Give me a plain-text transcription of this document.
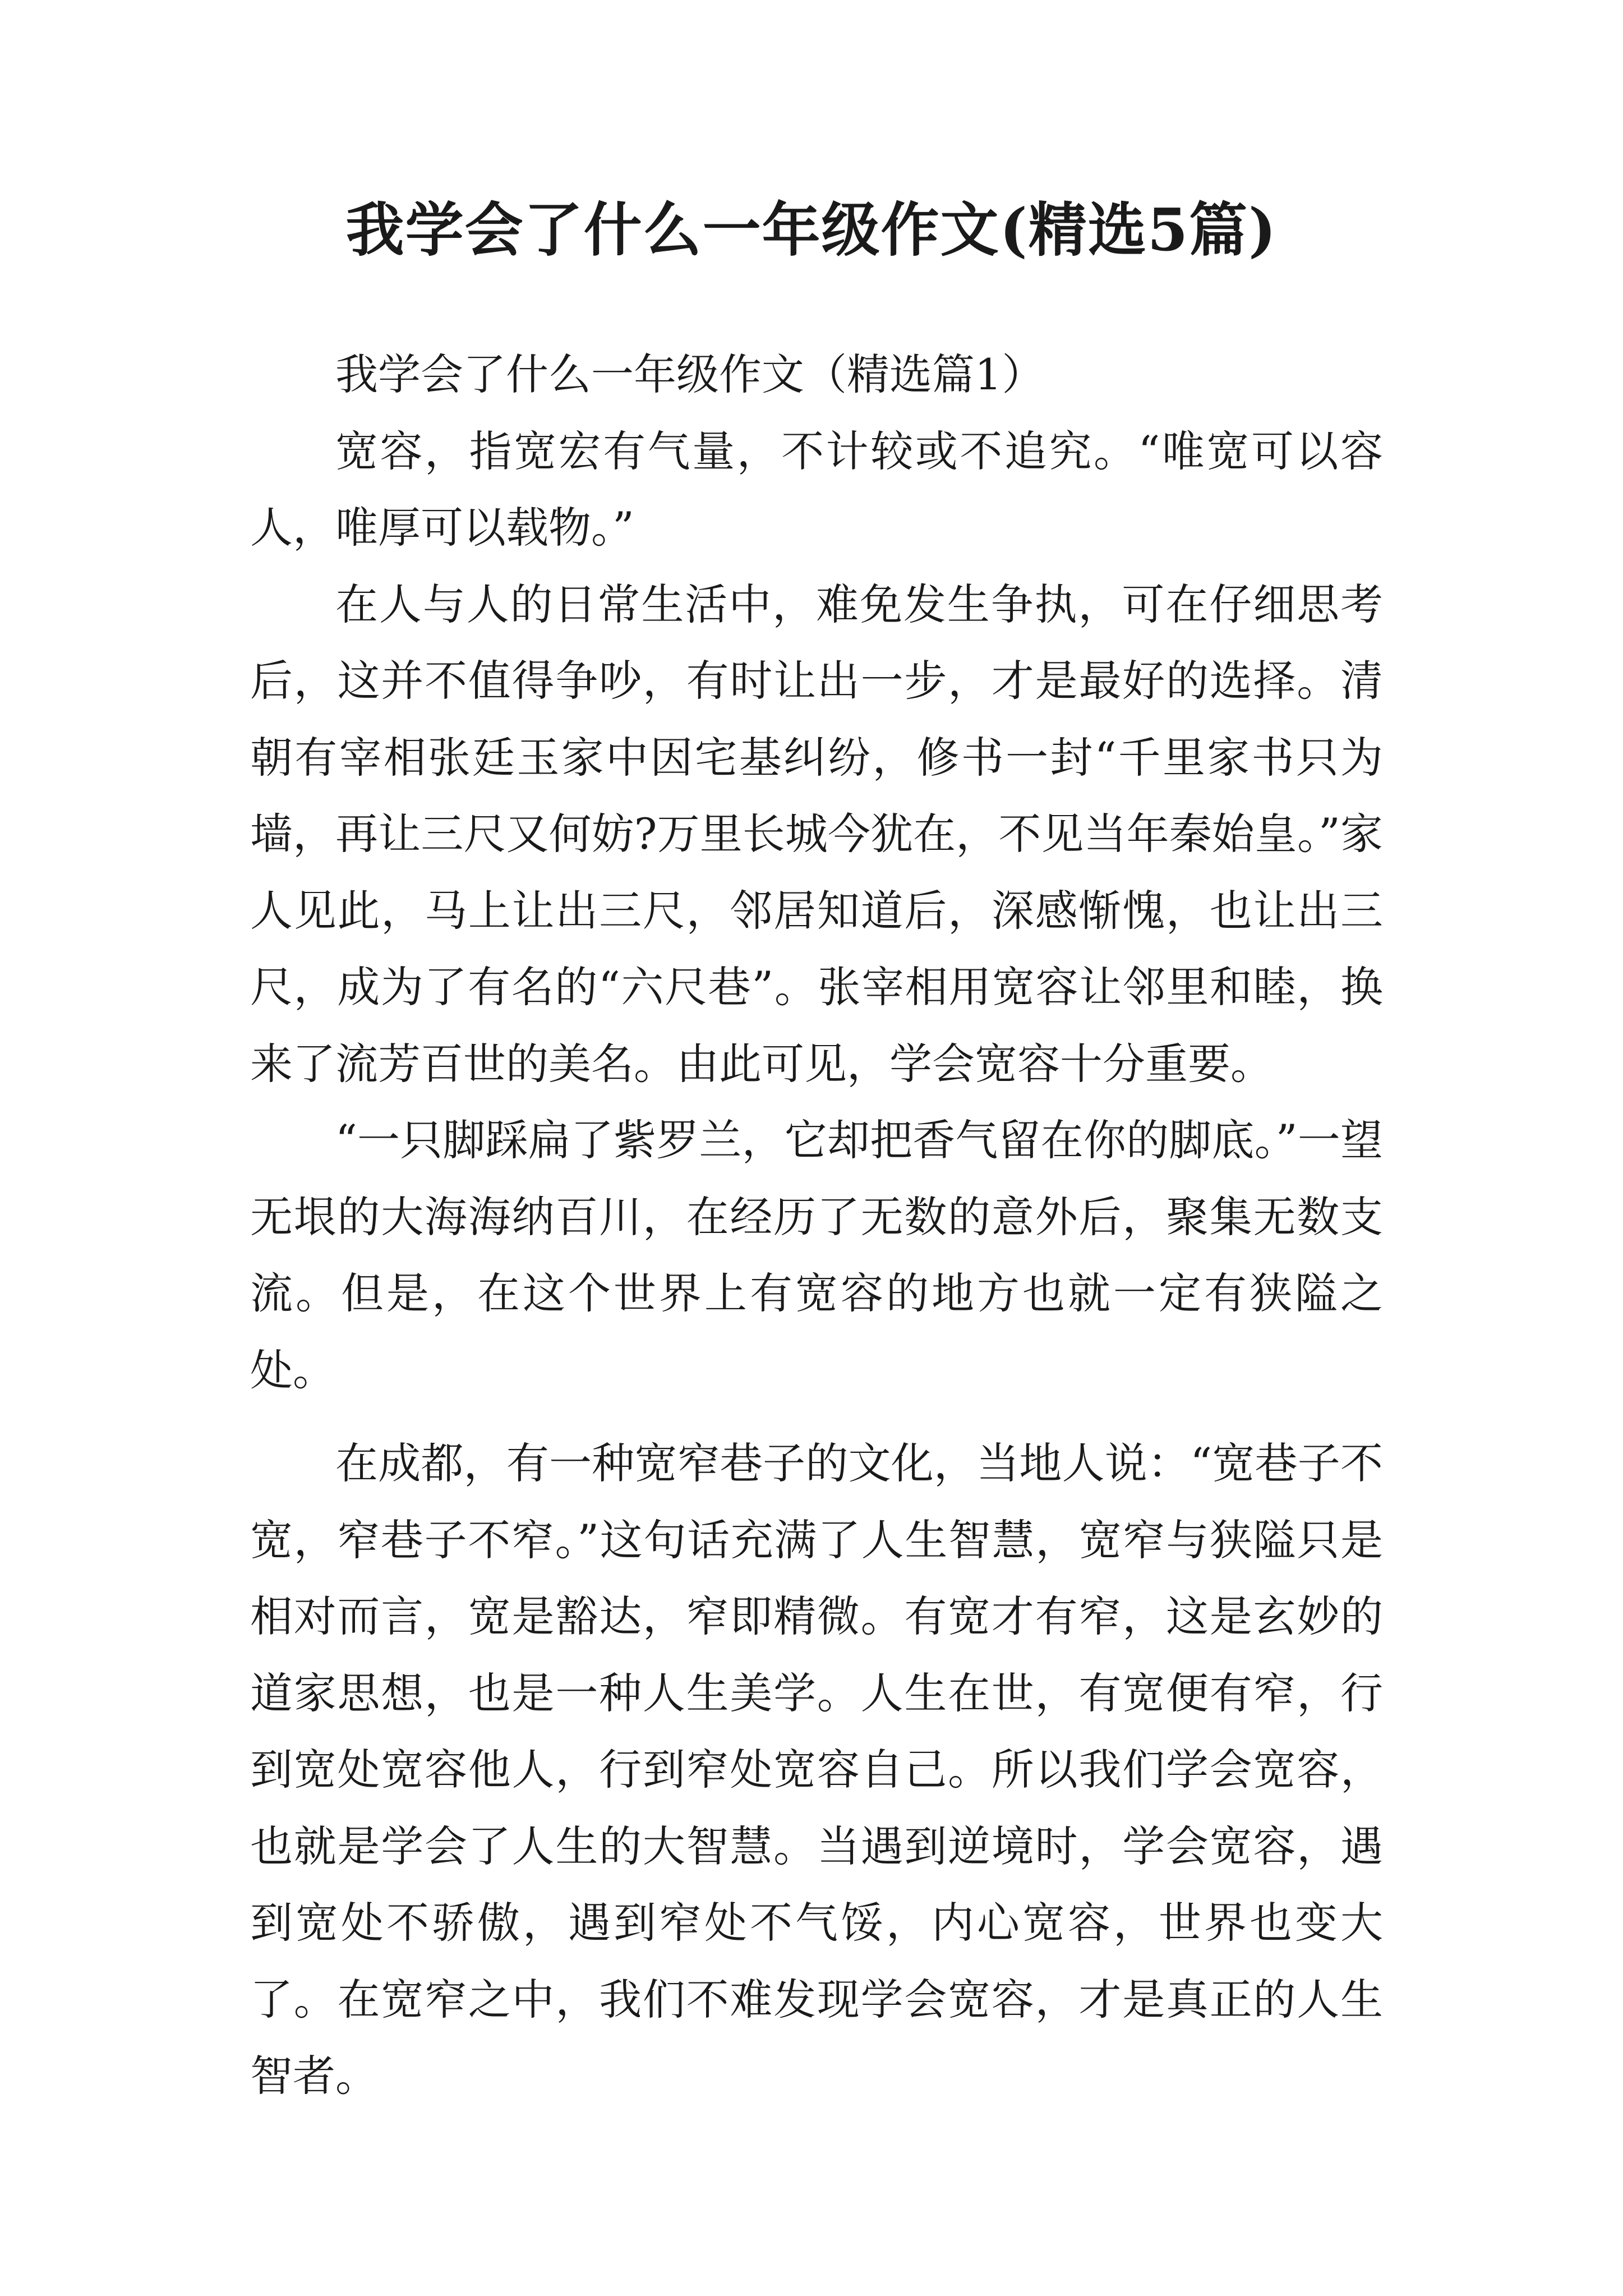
我学会了什么一年级作文(精选5篇)

我学会了什么一年级作文（精选篇1）

宽容，指宽宏有气量，不计较或不追究。“唯宽可以容人，唯厚可以载物。”

在人与人的日常生活中，难免发生争执，可在仔细思考后，这并不值得争吵，有时让出一步，才是最好的选择。清朝有宰相张廷玉家中因宅基纠纷，修书一封“千里家书只为墙，再让三尺又何妨?万里长城今犹在，不见当年秦始皇。”家人见此，马上让出三尺，邻居知道后，深感惭愧，也让出三尺，成为了有名的“六尺巷”。张宰相用宽容让邻里和睦，换来了流芳百世的美名。由此可见，学会宽容十分重要。

“一只脚踩扁了紫罗兰，它却把香气留在你的脚底。”一望无垠的大海海纳百川，在经历了无数的意外后，聚集无数支流。但是，在这个世界上有宽容的地方也就一定有狭隘之处。

在成都，有一种宽窄巷子的文化，当地人说：“宽巷子不宽，窄巷子不窄。”这句话充满了人生智慧，宽窄与狭隘只是相对而言，宽是豁达，窄即精微。有宽才有窄，这是玄妙的道家思想，也是一种人生美学。人生在世，有宽便有窄，行到宽处宽容他人，行到窄处宽容自己。所以我们学会宽容，也就是学会了人生的大智慧。当遇到逆境时，学会宽容，遇到宽处不骄傲，遇到窄处不气馁，内心宽容，世界也变大了。在宽窄之中，我们不难发现学会宽容，才是真正的人生智者。
